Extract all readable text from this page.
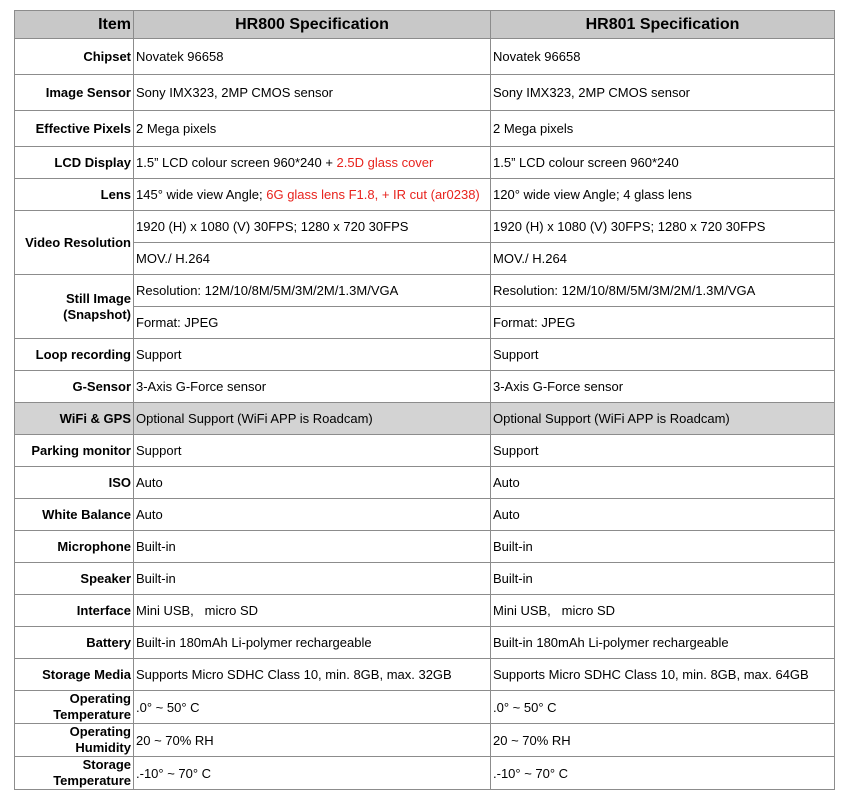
Item	HR800 Specification	HR801 Specification
Chipset	Novatek 96658	Novatek 96658
Image Sensor	Sony IMX323, 2MP CMOS sensor	Sony IMX323, 2MP CMOS sensor
Effective Pixels	2 Mega pixels	2 Mega pixels
LCD Display	1.5” LCD colour screen 960*240 + 2.5D glass cover	1.5” LCD colour screen 960*240
Lens	145° wide view Angle; 6G glass lens F1.8, + IR cut (ar0238)	120° wide view Angle; 4 glass lens
Video Resolution	1920 (H) x 1080 (V) 30FPS; 1280 x 720 30FPS	1920 (H) x 1080 (V) 30FPS; 1280 x 720 30FPS
	MOV./ H.264	MOV./ H.264
Still Image (Snapshot)	Resolution: 12M/10/8M/5M/3M/2M/1.3M/VGA	Resolution: 12M/10/8M/5M/3M/2M/1.3M/VGA
	Format: JPEG	Format: JPEG
Loop recording	Support	Support
G-Sensor	3-Axis G-Force sensor	3-Axis G-Force sensor
WiFi & GPS	Optional Support (WiFi APP is Roadcam)	Optional Support (WiFi APP is Roadcam)
Parking monitor	Support	Support
ISO	Auto	Auto
White Balance	Auto	Auto
Microphone	Built-in	Built-in
Speaker	Built-in	Built-in
Interface	Mini USB,   micro SD	Mini USB,   micro SD
Battery	Built-in 180mAh Li-polymer rechargeable	Built-in 180mAh Li-polymer rechargeable
Storage Media	Supports Micro SDHC Class 10, min. 8GB, max. 32GB	Supports Micro SDHC Class 10, min. 8GB, max. 64GB
Operating Temperature	.0° ~ 50° C	.0° ~ 50° C
Operating Humidity	20 ~ 70% RH	20 ~ 70% RH
Storage Temperature	.-10° ~ 70° C	.-10° ~ 70° C
